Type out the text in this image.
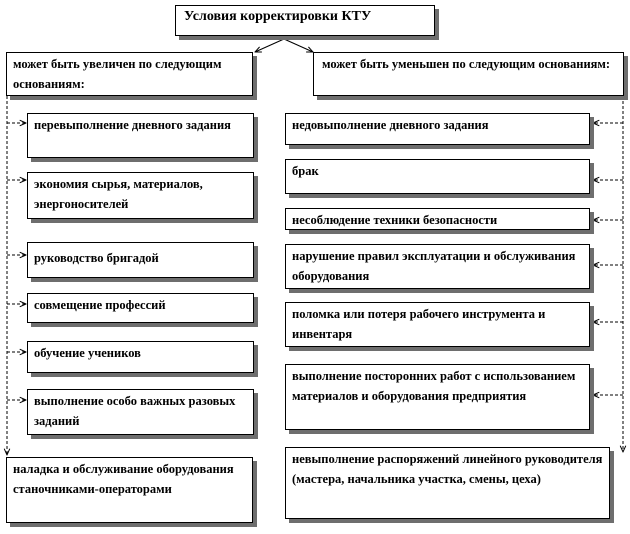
Условия корректировки КТУ
может быть увеличен по следующим основаниям:
может быть уменьшен по следующим основаниям:
перевыполнение дневного задания
экономия сырья, материалов, энергоносителей
руководство бригадой
совмещение профессий
обучение учеников
выполнение особо важных разовых заданий
наладка и обслуживание оборудования станочниками-операторами
недовыполнение дневного задания
брак
несоблюдение техники безопасности
нарушение правил эксплуатации и обслуживания оборудования
поломка или потеря рабочего инструмента и инвентаря
выполнение посторонних работ с использованием материалов и оборудования предприятия
невыполнение распоряжений линейного руководителя (мастера, начальника участка, смены, цеха)
